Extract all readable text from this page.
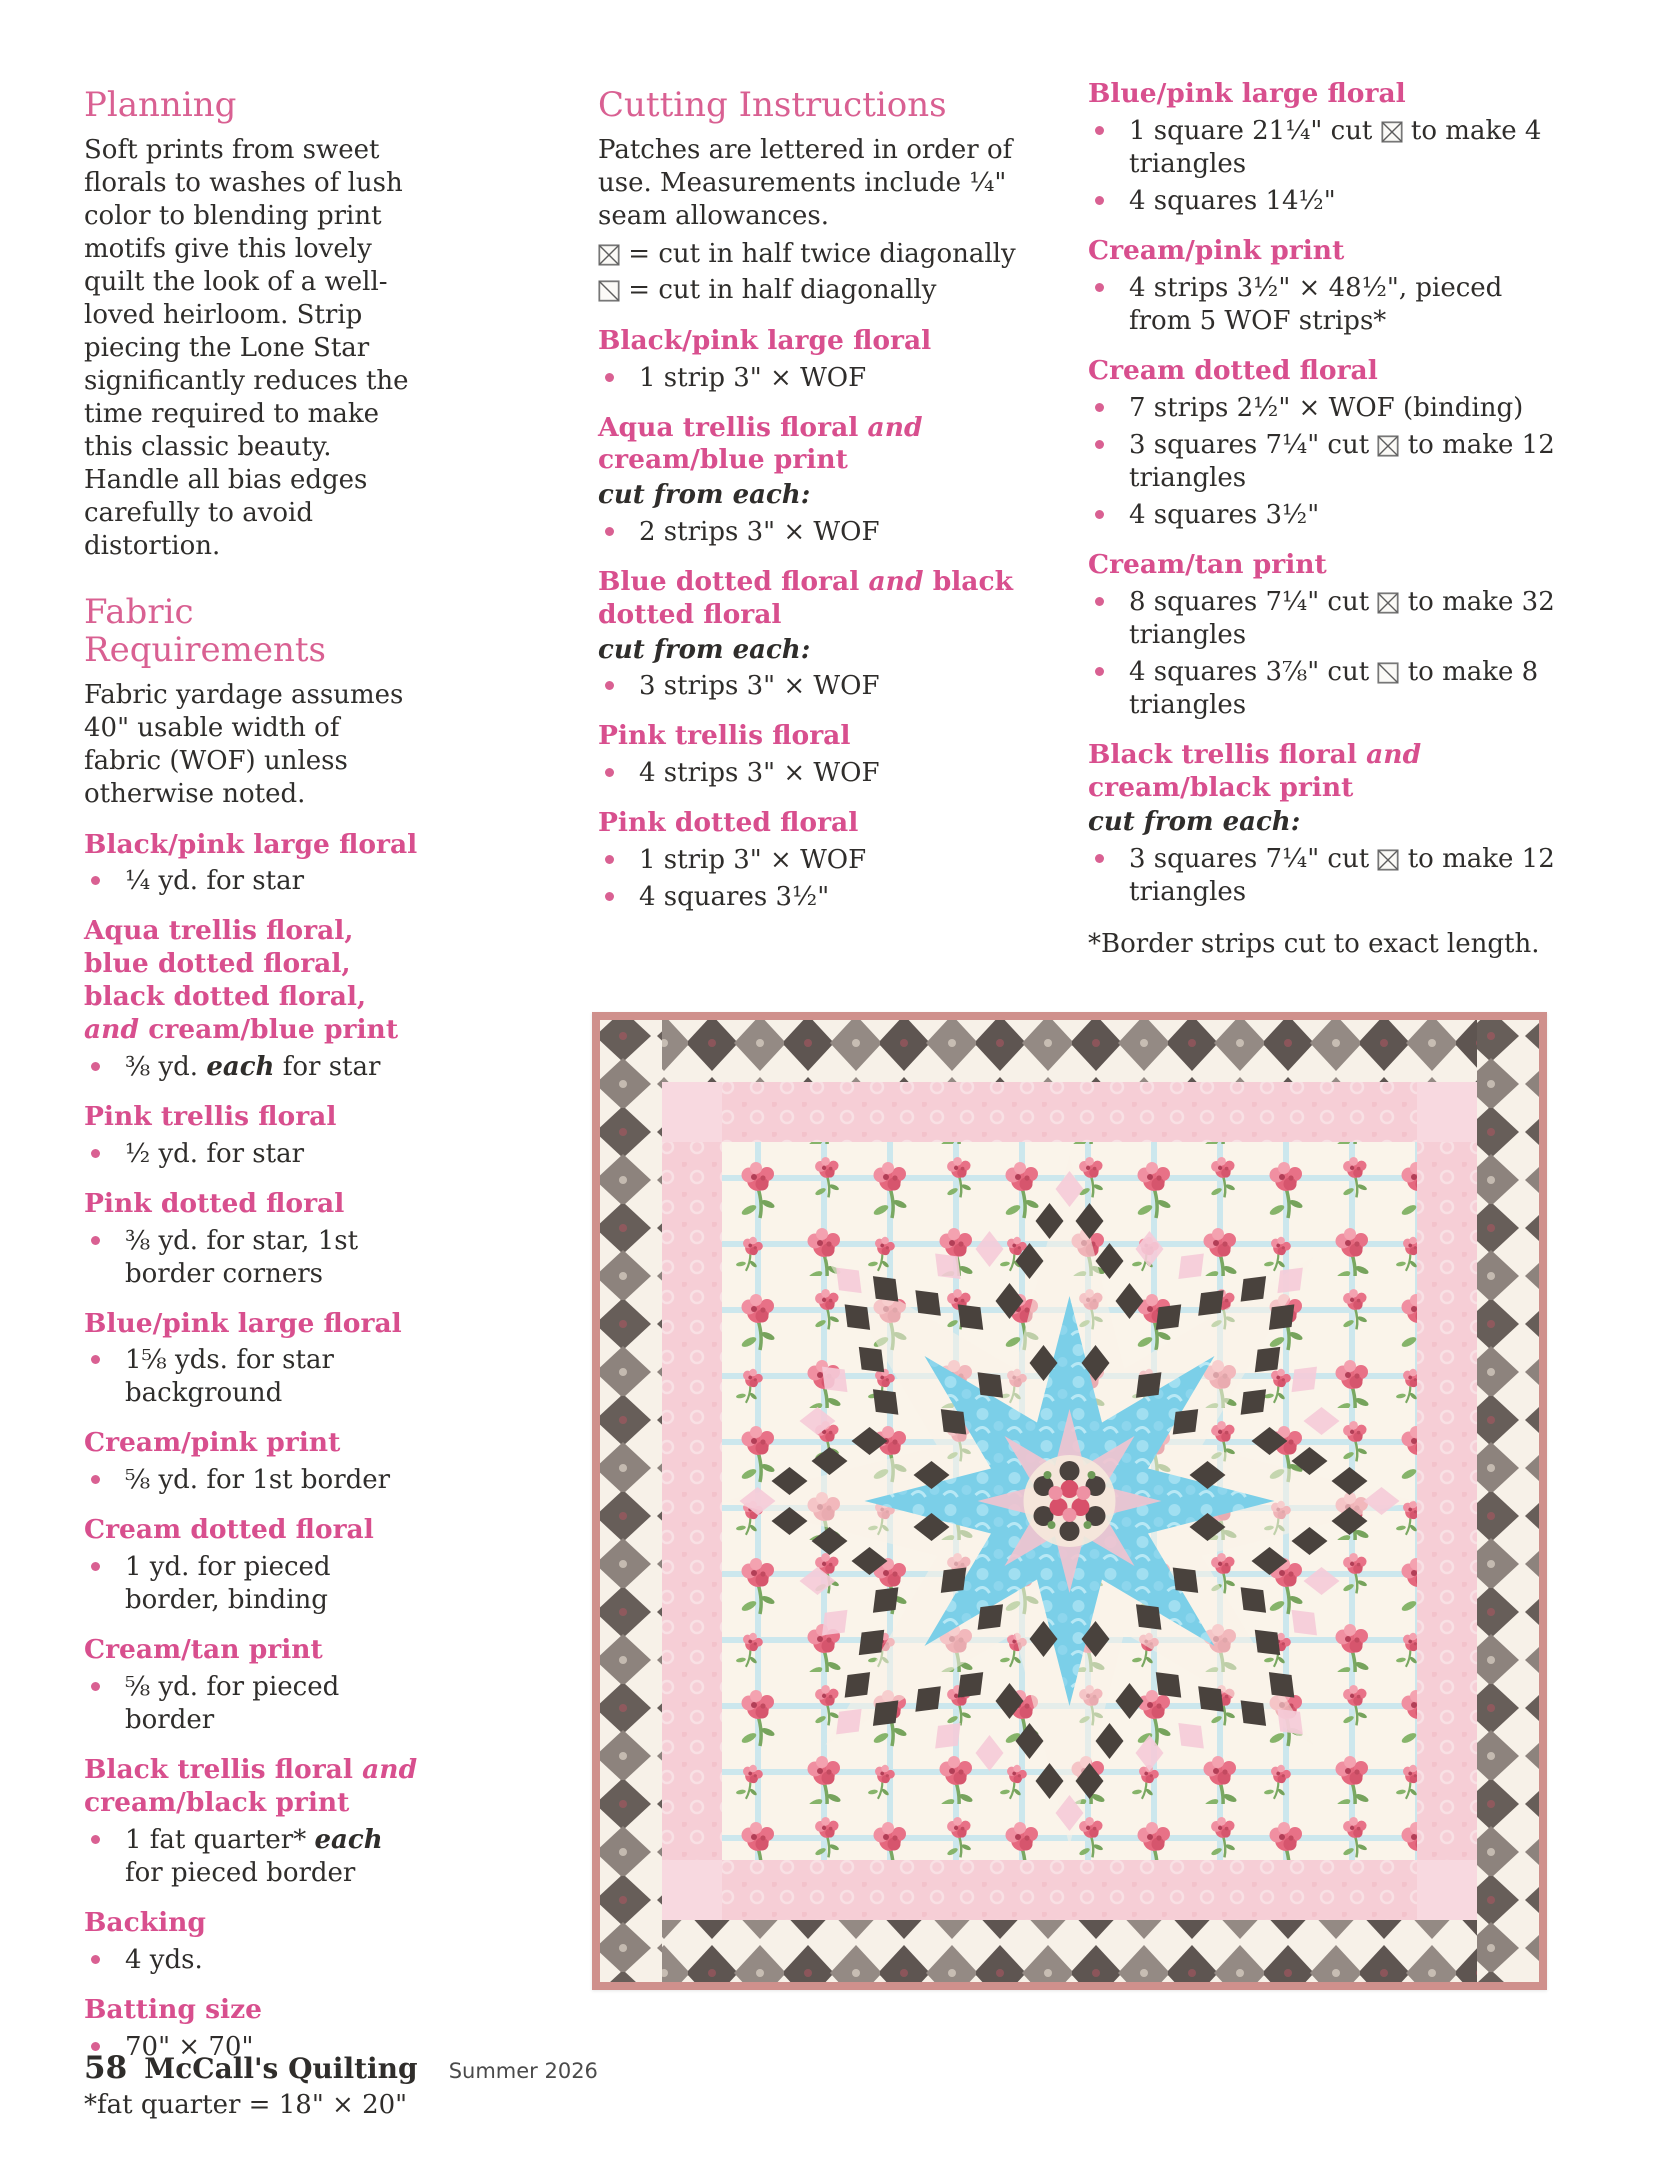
Planning

Soft prints from sweet florals to washes of lush color to blending print motifs give this lovely quilt the look of a well-loved heirloom. Strip piecing the Lone Star significantly reduces the time required to make this classic beauty. Handle all bias edges carefully to avoid distortion.

Fabric Requirements

Fabric yardage assumes 40" usable width of fabric (WOF) unless otherwise noted.

Black/pink large floral
¼ yd. for star
Aqua trellis floral, blue dotted floral, black dotted floral, and cream/blue print
⅜ yd. each for star
Pink trellis floral
½ yd. for star
Pink dotted floral
⅜ yd. for star, 1st border corners
Blue/pink large floral
1⅝ yds. for star background
Cream/pink print
⅝ yd. for 1st border
Cream dotted floral
1 yd. for pieced border, binding
Cream/tan print
⅝ yd. for pieced border
Black trellis floral and cream/black print
1 fat quarter* each for pieced border
Backing
4 yds.
Batting size
70" × 70"

*fat quarter = 18" × 20"

Cutting Instructions

Patches are lettered in order of use. Measurements include ¼" seam allowances.

= cut in half twice diagonally
= cut in half diagonally
Black/pink large floral
1 strip 3" × WOF
Aqua trellis floral and cream/blue print
cut from each:
2 strips 3" × WOF
Blue dotted floral and black dotted floral
cut from each:
3 strips 3" × WOF
Pink trellis floral
4 strips 3" × WOF
Pink dotted floral
1 strip 3" × WOF
4 squares 3½"
Blue/pink large floral
1 square 21¼" cut  to make 4 triangles
4 squares 14½"
Cream/pink print
4 strips 3½" × 48½", pieced from 5 WOF strips*
Cream dotted floral
7 strips 2½" × WOF (binding)
3 squares 7¼" cut  to make 12 triangles
4 squares 3½"
Cream/tan print
8 squares 7¼" cut  to make 32 triangles
4 squares 3⅞" cut  to make 8 triangles
Black trellis floral and cream/black print
cut from each:
3 squares 7¼" cut  to make 12 triangles

*Border strips cut to exact length.

58 McCall's Quilting Summer 2026
